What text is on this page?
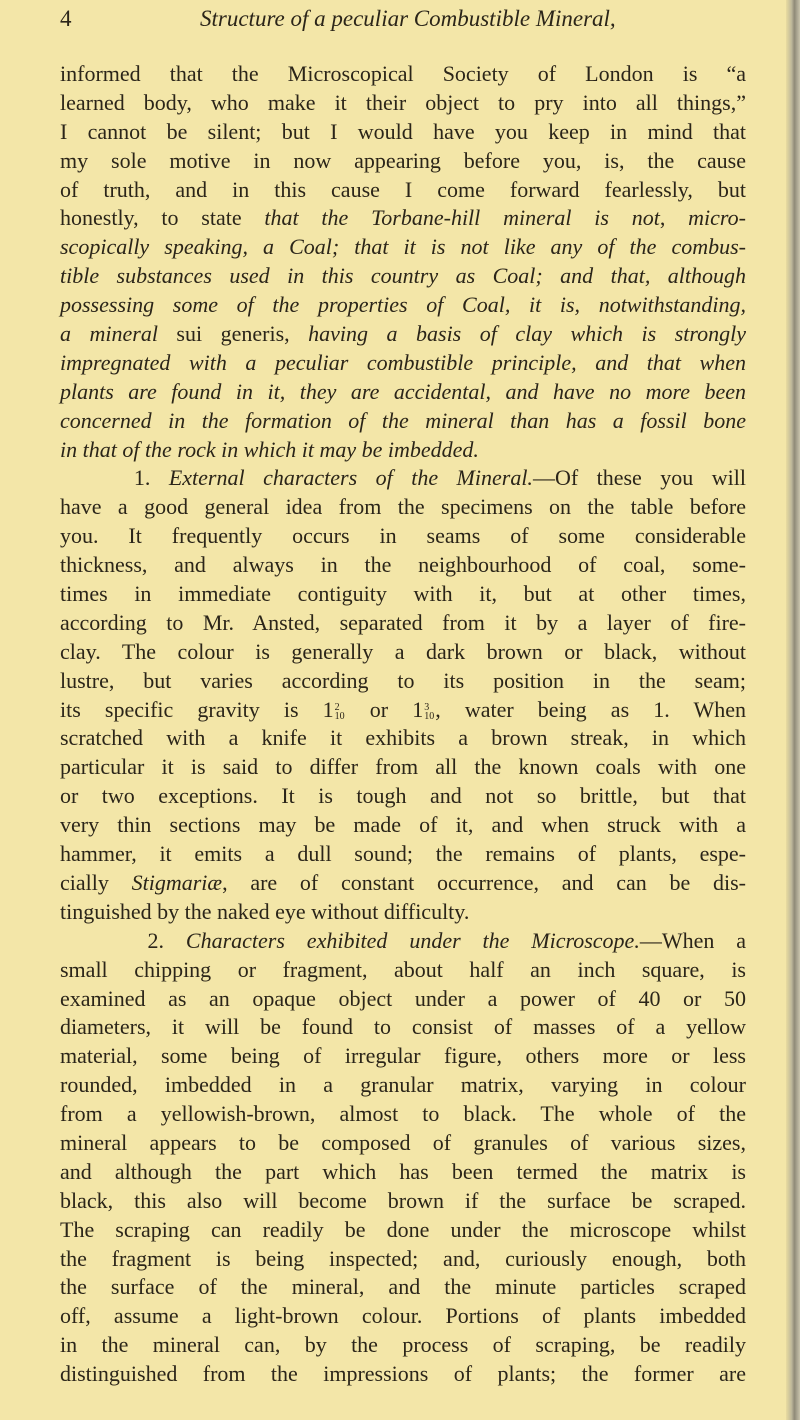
4	Structure of a peculiar Combustible Mineral,
informed that the Microscopical Society of London is “a
learned body, who make it their object to pry into all things,”
I cannot be silent; but I would have you keep in mind that
my sole motive in now appearing before you, is, the cause
of truth, and in this cause I come forward fearlessly, but
honestly, to state that the Torbane-hill mineral is not, micro-
scopically speaking, a Coal; that it is not like any of the combus-
tible substances used in this country as Coal; and that, although
possessing some of the properties of Coal, it is, notwithstanding,
a mineral sui generis, having a basis of clay which is strongly
impregnated with a peculiar combustible principle, and that when
plants are found in it, they are accidental, and have no more been
concerned in the formation of the mineral than has a fossil bone
in that of the rock in which it may be imbedded.
1. External characters of the Mineral.—Of these you will
have a good general idea from the specimens on the table before
you. It frequently occurs in seams of some considerable
thickness, and always in the neighbourhood of coal, some-
times in immediate contiguity with it, but at other times,
according to Mr. Ansted, separated from it by a layer of fire-
clay. The colour is generally a dark brown or black, without
lustre, but varies according to its position in the seam;
its specific gravity is 1 2
10 or 1 3
10 , water being as 1. When
scratched with a knife it exhibits a brown streak, in which
particular it is said to differ from all the known coals with one
or two exceptions. It is tough and not so brittle, but that
very thin sections may be made of it, and when struck with a
hammer, it emits a dull sound; the remains of plants, espe-
cially Stigmariæ, are of constant occurrence, and can be dis-
tinguished by the naked eye without difficulty.
2. Characters exhibited under the Microscope.—When a
small chipping or fragment, about half an inch square, is
examined as an opaque object under a power of 40 or 50
diameters, it will be found to consist of masses of a yellow
material, some being of irregular figure, others more or less
rounded, imbedded in a granular matrix, varying in colour
from a yellowish-brown, almost to black. The whole of the
mineral appears to be composed of granules of various sizes,
and although the part which has been termed the matrix is
black, this also will become brown if the surface be scraped.
The scraping can readily be done under the microscope whilst
the fragment is being inspected; and, curiously enough, both
the surface of the mineral, and the minute particles scraped
off, assume a light-brown colour. Portions of plants imbedded
in the mineral can, by the process of scraping, be readily
distinguished from the impressions of plants; the former are
